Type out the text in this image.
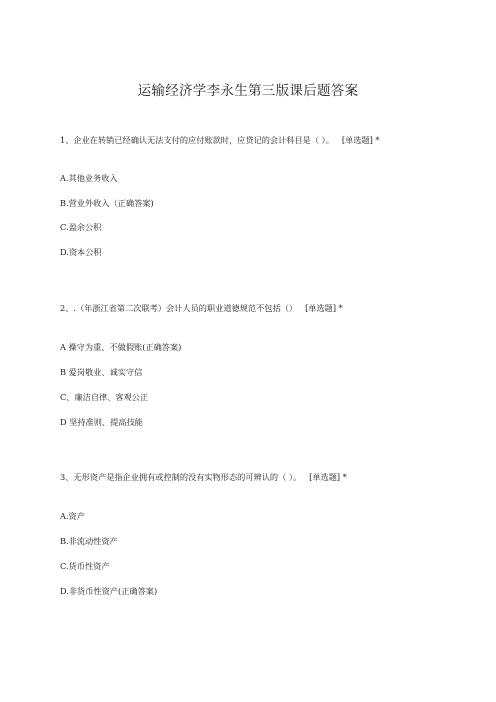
运输经济学李永生第三版课后题答案
1、企业在转销已经确认无法支付的应付账款时，应贷记的会计科目是（ ）。 [单选题] *
A.其他业务收入
B.营业外收入（正确答案)
C.盈余公积
D.资本公积
2、.（年浙江省第二次联考）会计人员的职业道德规范不包括（） [单选题] *
A 操守为重、不做假账(正确答案)
B 爱岗敬业、诚实守信
C、廉洁自律、客观公正
D 坚持准则、提高技能
3、无形资产是指企业拥有或控制的没有实物形态的可辨认的（ ）。 [单选题] *
A.资产
B.非流动性资产
C.货币性资产
D.非货币性资产(正确答案)
